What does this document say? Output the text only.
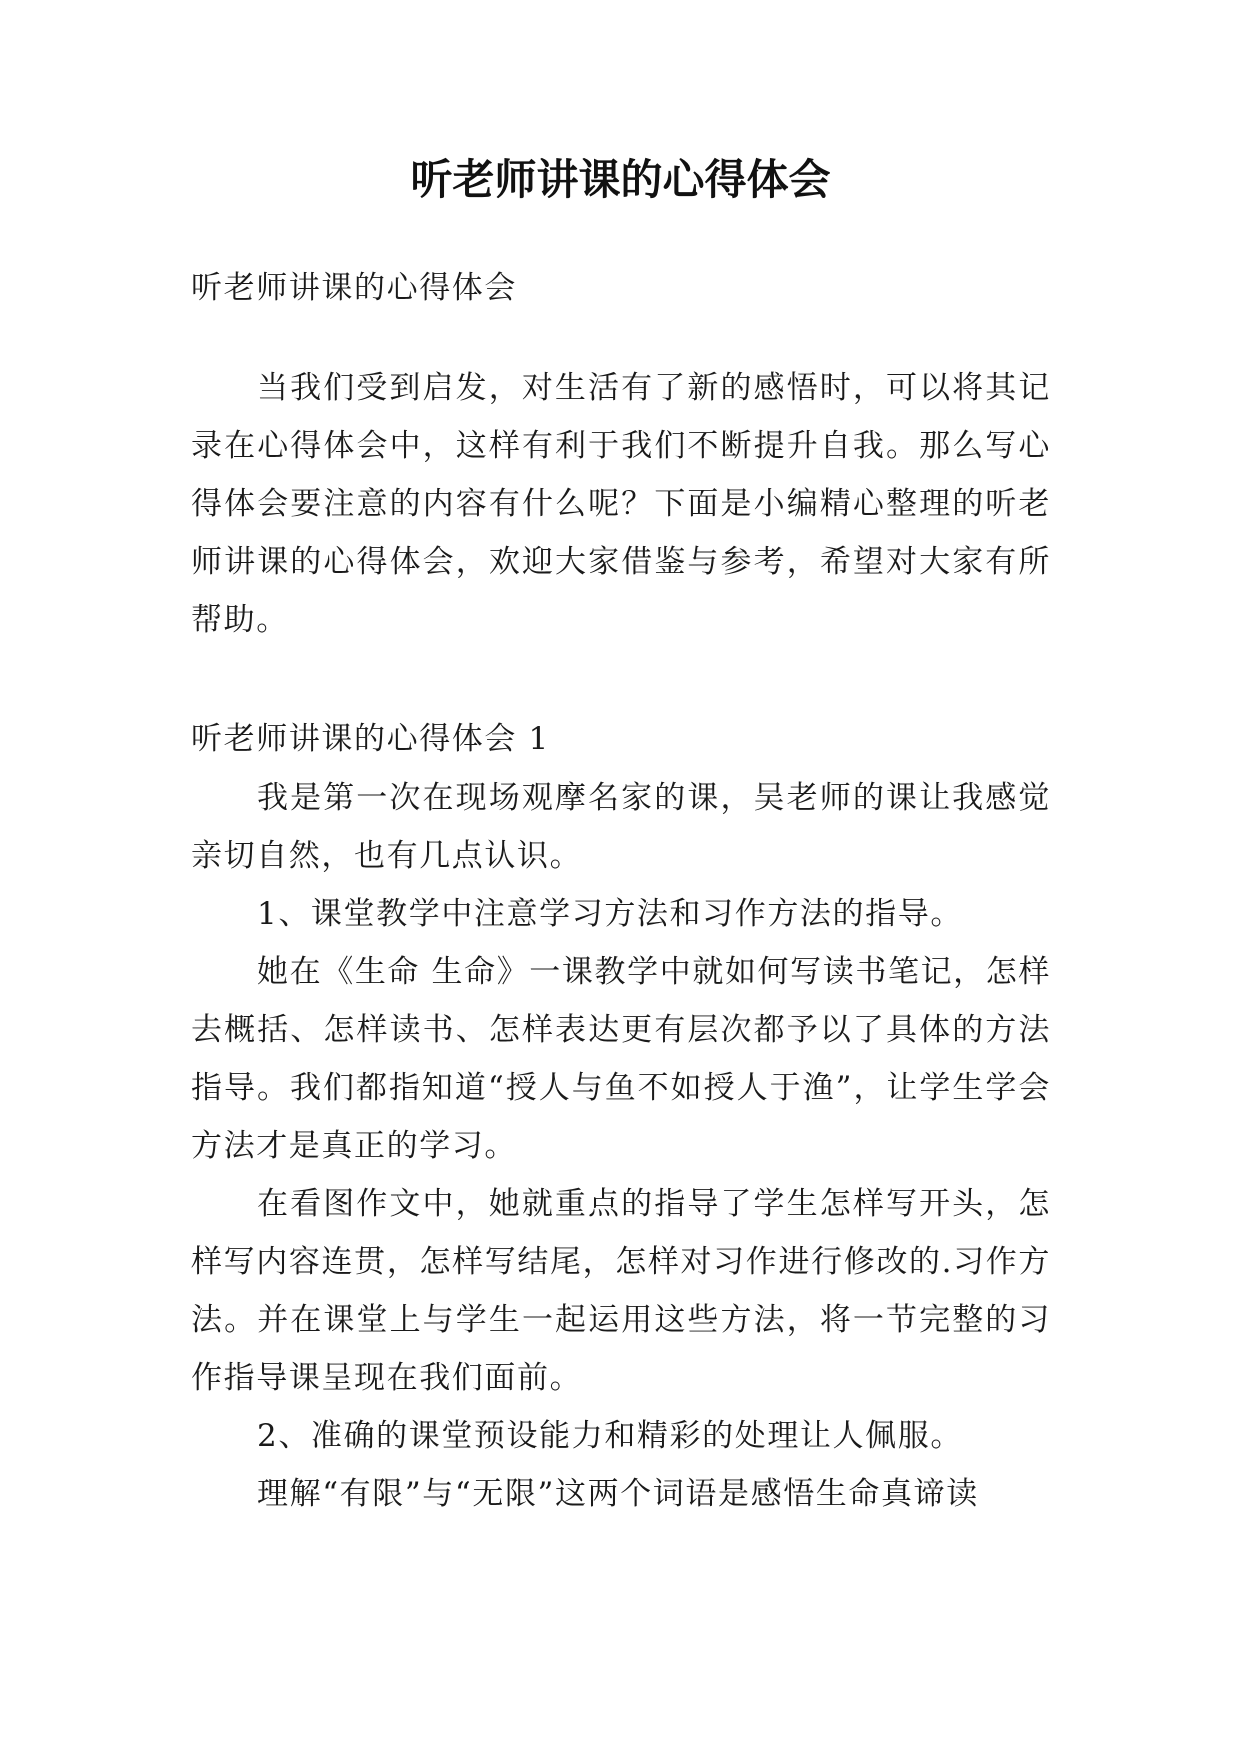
听老师讲课的心得体会

听老师讲课的心得体会

当我们受到启发，对生活有了新的感悟时，可以将其记录在心得体会中，这样有利于我们不断提升自我。那么写心得体会要注意的内容有什么呢？下面是小编精心整理的听老师讲课的心得体会，欢迎大家借鉴与参考，希望对大家有所帮助。

听老师讲课的心得体会 1

我是第一次在现场观摩名家的课，吴老师的课让我感觉亲切自然，也有几点认识。

1、课堂教学中注意学习方法和习作方法的指导。

她在《生命 生命》一课教学中就如何写读书笔记，怎样去概括、怎样读书、怎样表达更有层次都予以了具体的方法指导。我们都指知道“授人与鱼不如授人于渔”，让学生学会方法才是真正的学习。

在看图作文中，她就重点的指导了学生怎样写开头，怎样写内容连贯，怎样写结尾，怎样对习作进行修改的.习作方法。并在课堂上与学生一起运用这些方法，将一节完整的习作指导课呈现在我们面前。

2、准确的课堂预设能力和精彩的处理让人佩服。

理解“有限”与“无限”这两个词语是感悟生命真谛读
